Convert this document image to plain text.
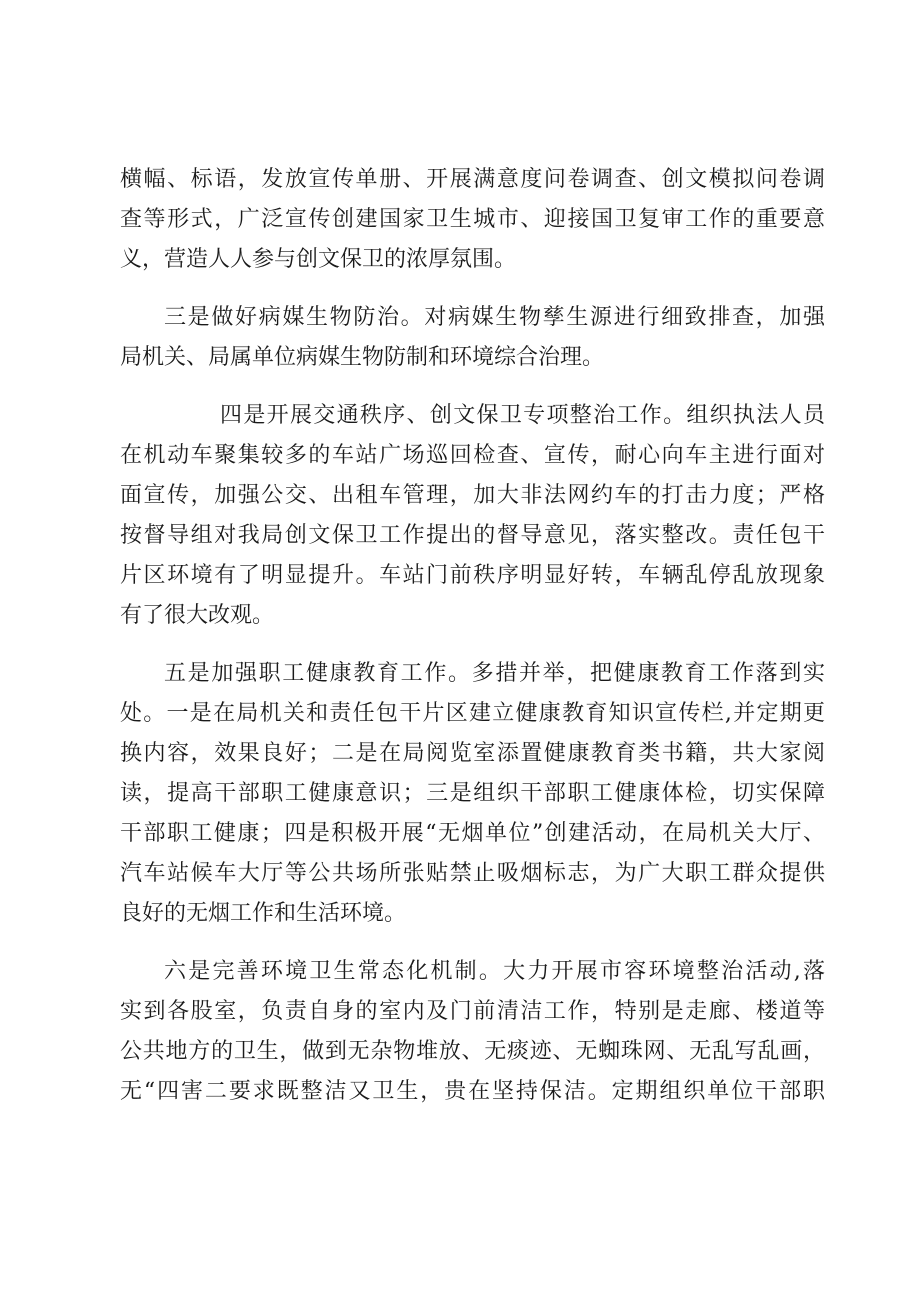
横幅、标语，发放宣传单册、开展满意度问卷调查、创文模拟问卷调
查等形式，广泛宣传创建国家卫生城市、迎接国卫复审工作的重要意
义，营造人人参与创文保卫的浓厚氛围。
三是做好病媒生物防治。对病媒生物孳生源进行细致排查，加强
局机关、局属单位病媒生物防制和环境综合治理。
四是开展交通秩序、创文保卫专项整治工作。组织执法人员
在机动车聚集较多的车站广场巡回检查、宣传，耐心向车主进行面对
面宣传，加强公交、出租车管理，加大非法网约车的打击力度；严格
按督导组对我局创文保卫工作提出的督导意见，落实整改。责任包干
片区环境有了明显提升。车站门前秩序明显好转，车辆乱停乱放现象
有了很大改观。
五是加强职工健康教育工作。多措并举，把健康教育工作落到实
处。一是在局机关和责任包干片区建立健康教育知识宣传栏,并定期更
换内容，效果良好；二是在局阅览室添置健康教育类书籍，共大家阅
读，提高干部职工健康意识；三是组织干部职工健康体检，切实保障
干部职工健康；四是积极开展“无烟单位”创建活动，在局机关大厅、
汽车站候车大厅等公共场所张贴禁止吸烟标志，为广大职工群众提供
良好的无烟工作和生活环境。
六是完善环境卫生常态化机制。大力开展市容环境整治活动,落
实到各股室，负责自身的室内及门前清洁工作，特别是走廊、楼道等
公共地方的卫生，做到无杂物堆放、无痰迹、无蜘珠网、无乱写乱画，
无“四害二要求既整洁又卫生，贵在坚持保洁。定期组织单位干部职
